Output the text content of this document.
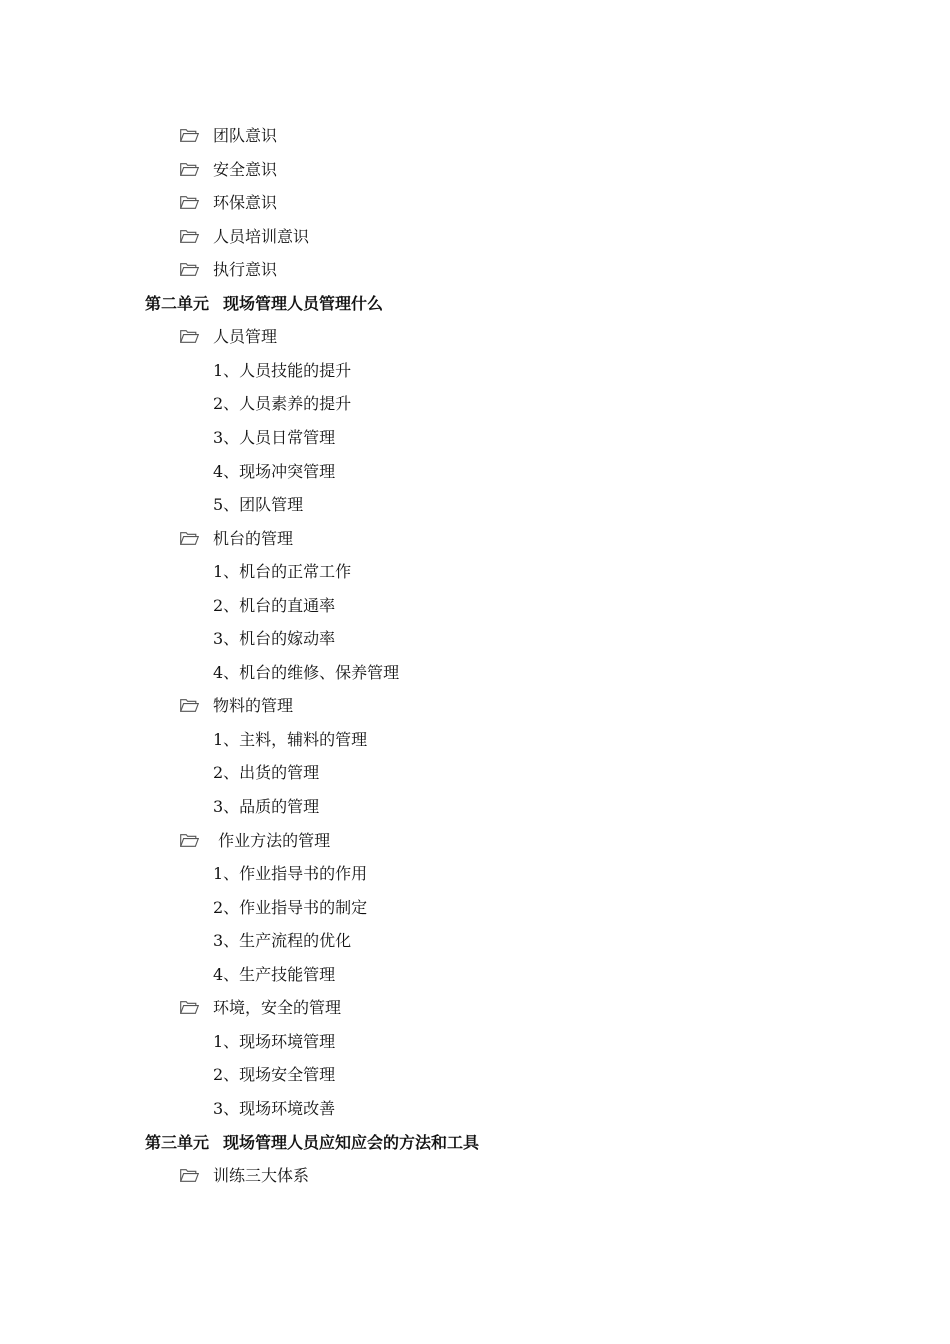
团队意识
安全意识
环保意识
人员培训意识
执行意识
第二单元 现场管理人员管理什么
人员管理
1、人员技能的提升
2、人员素养的提升
3、人员日常管理
4、现场冲突管理
5、团队管理
机台的管理
1、机台的正常工作
2、机台的直通率
3、机台的嫁动率
4、机台的维修、保养管理
物料的管理
1、主料，辅料的管理
2、出货的管理
3、品质的管理
作业方法的管理
1、作业指导书的作用
2、作业指导书的制定
3、生产流程的优化
4、生产技能管理
环境，安全的管理
1、现场环境管理
2、现场安全管理
3、现场环境改善
第三单元 现场管理人员应知应会的方法和工具
训练三大体系
